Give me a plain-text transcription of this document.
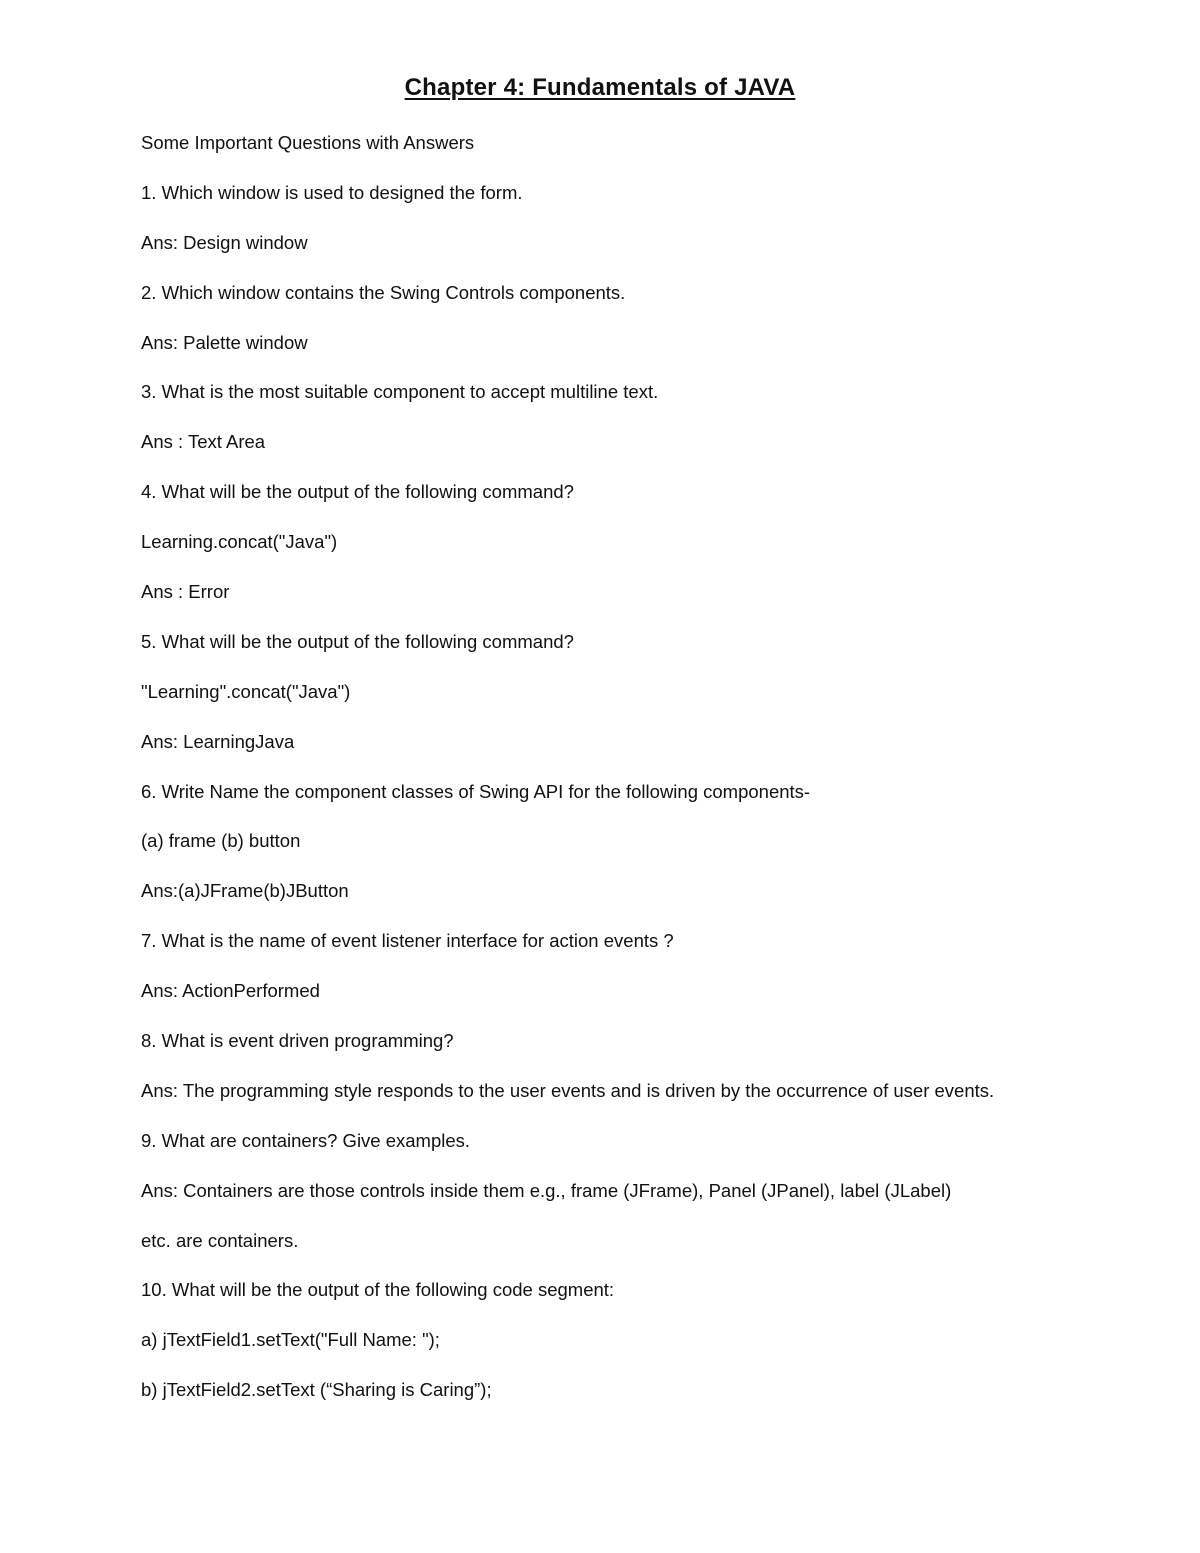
Chapter 4: Fundamentals of JAVA
Some Important Questions with Answers
1. Which window is used to designed the form.
Ans: Design window
2. Which window contains the Swing Controls components.
Ans: Palette window
3. What is the most suitable component to accept multiline text.
Ans : Text Area
4. What will be the output of the following command?
Learning.concat("Java")
Ans : Error
5. What will be the output of the following command?
"Learning".concat("Java")
Ans: LearningJava
6. Write Name the component classes of Swing API for the following components-
(a) frame (b) button
Ans:(a)JFrame(b)JButton
7. What is the name of event listener interface for action events ?
Ans: ActionPerformed
8. What is event driven programming?
Ans: The programming style responds to the user events and is driven by the occurrence of user events.
9. What are containers? Give examples.
Ans: Containers are those controls inside them e.g., frame (JFrame), Panel (JPanel), label (JLabel)
etc. are containers.
10. What will be the output of the following code segment:
a) jTextField1.setText("Full Name: ");
b) jTextField2.setText (“Sharing is Caring”);
